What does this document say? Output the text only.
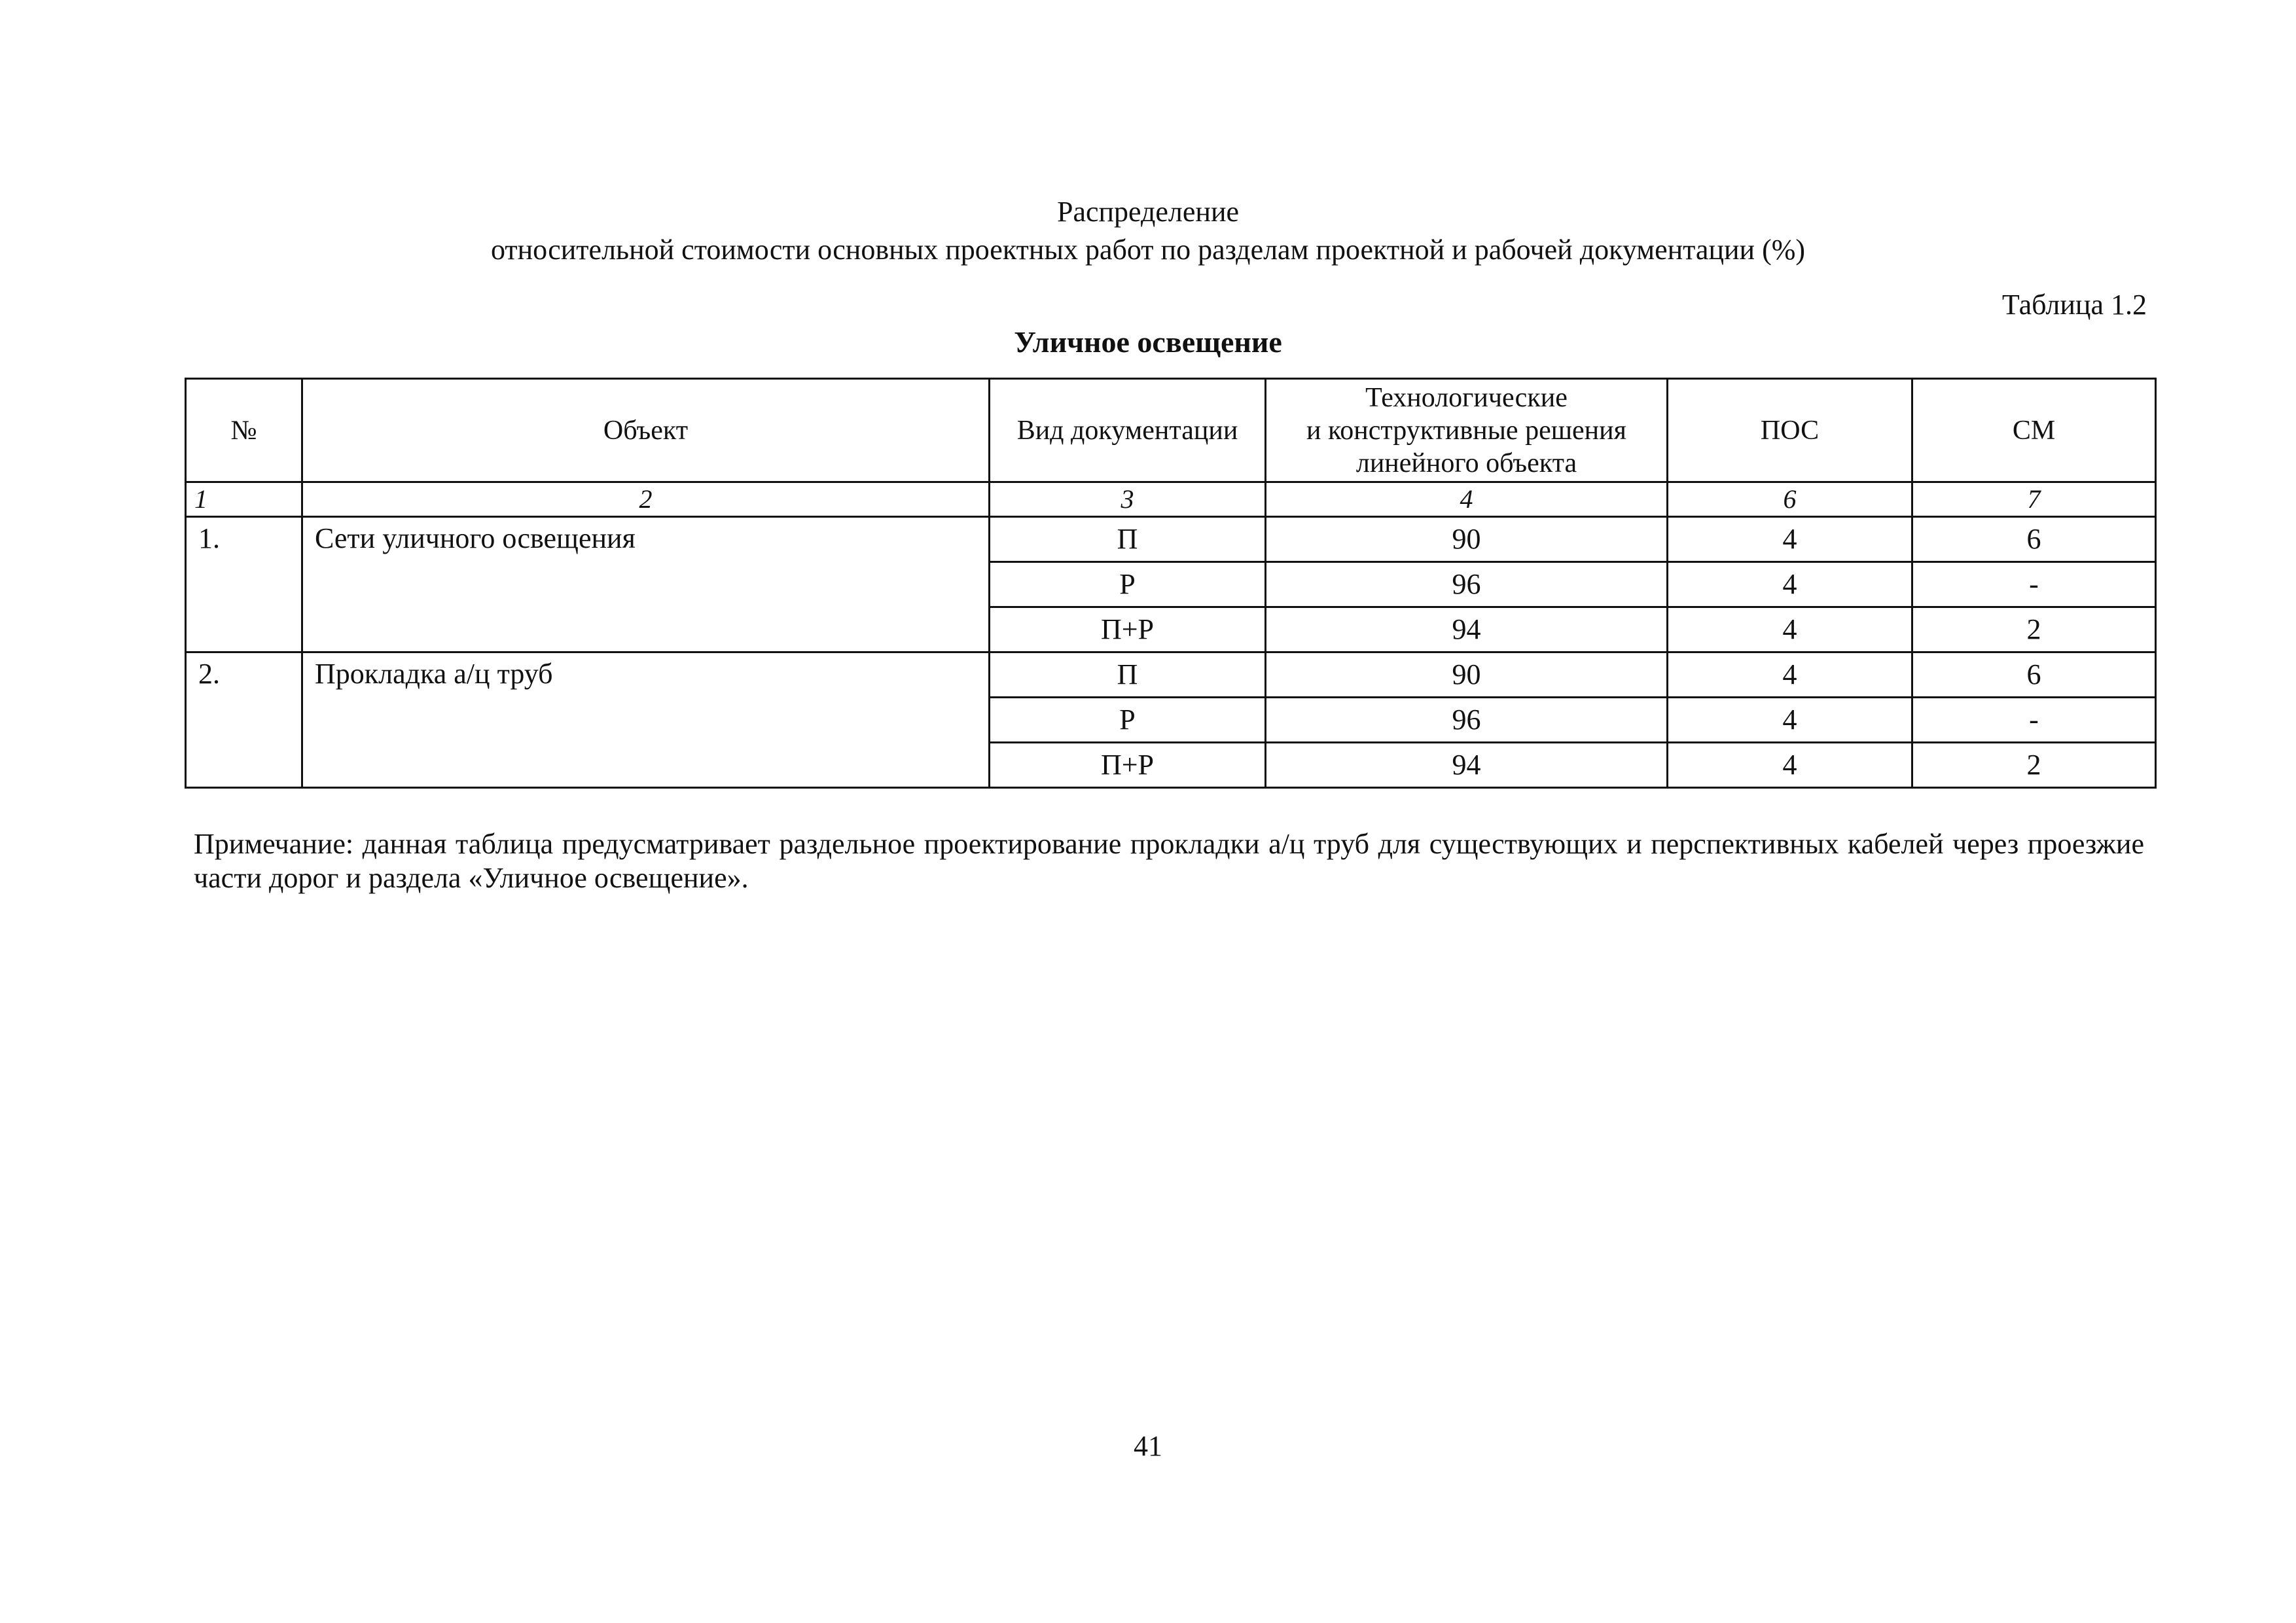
Распределение
относительной стоимости основных проектных работ по разделам проектной и рабочей документации (%)
Таблица 1.2
Уличное освещение
№	Объект	Вид документации	Технологические
и конструктивные решения
линейного объекта	ПОС	СМ
1	2	3	4	6	7
1.	Сети уличного освещения	П	90	4	6
		Р	96	4	-
		П+Р	94	4	2
2.	Прокладка а/ц труб	П	90	4	6
		Р	96	4	-
		П+Р	94	4	2
Примечание: данная таблица предусматривает раздельное проектирование прокладки а/ц труб для существующих и перспективных кабелей через проезжие части дорог и раздела «Уличное освещение».
41
